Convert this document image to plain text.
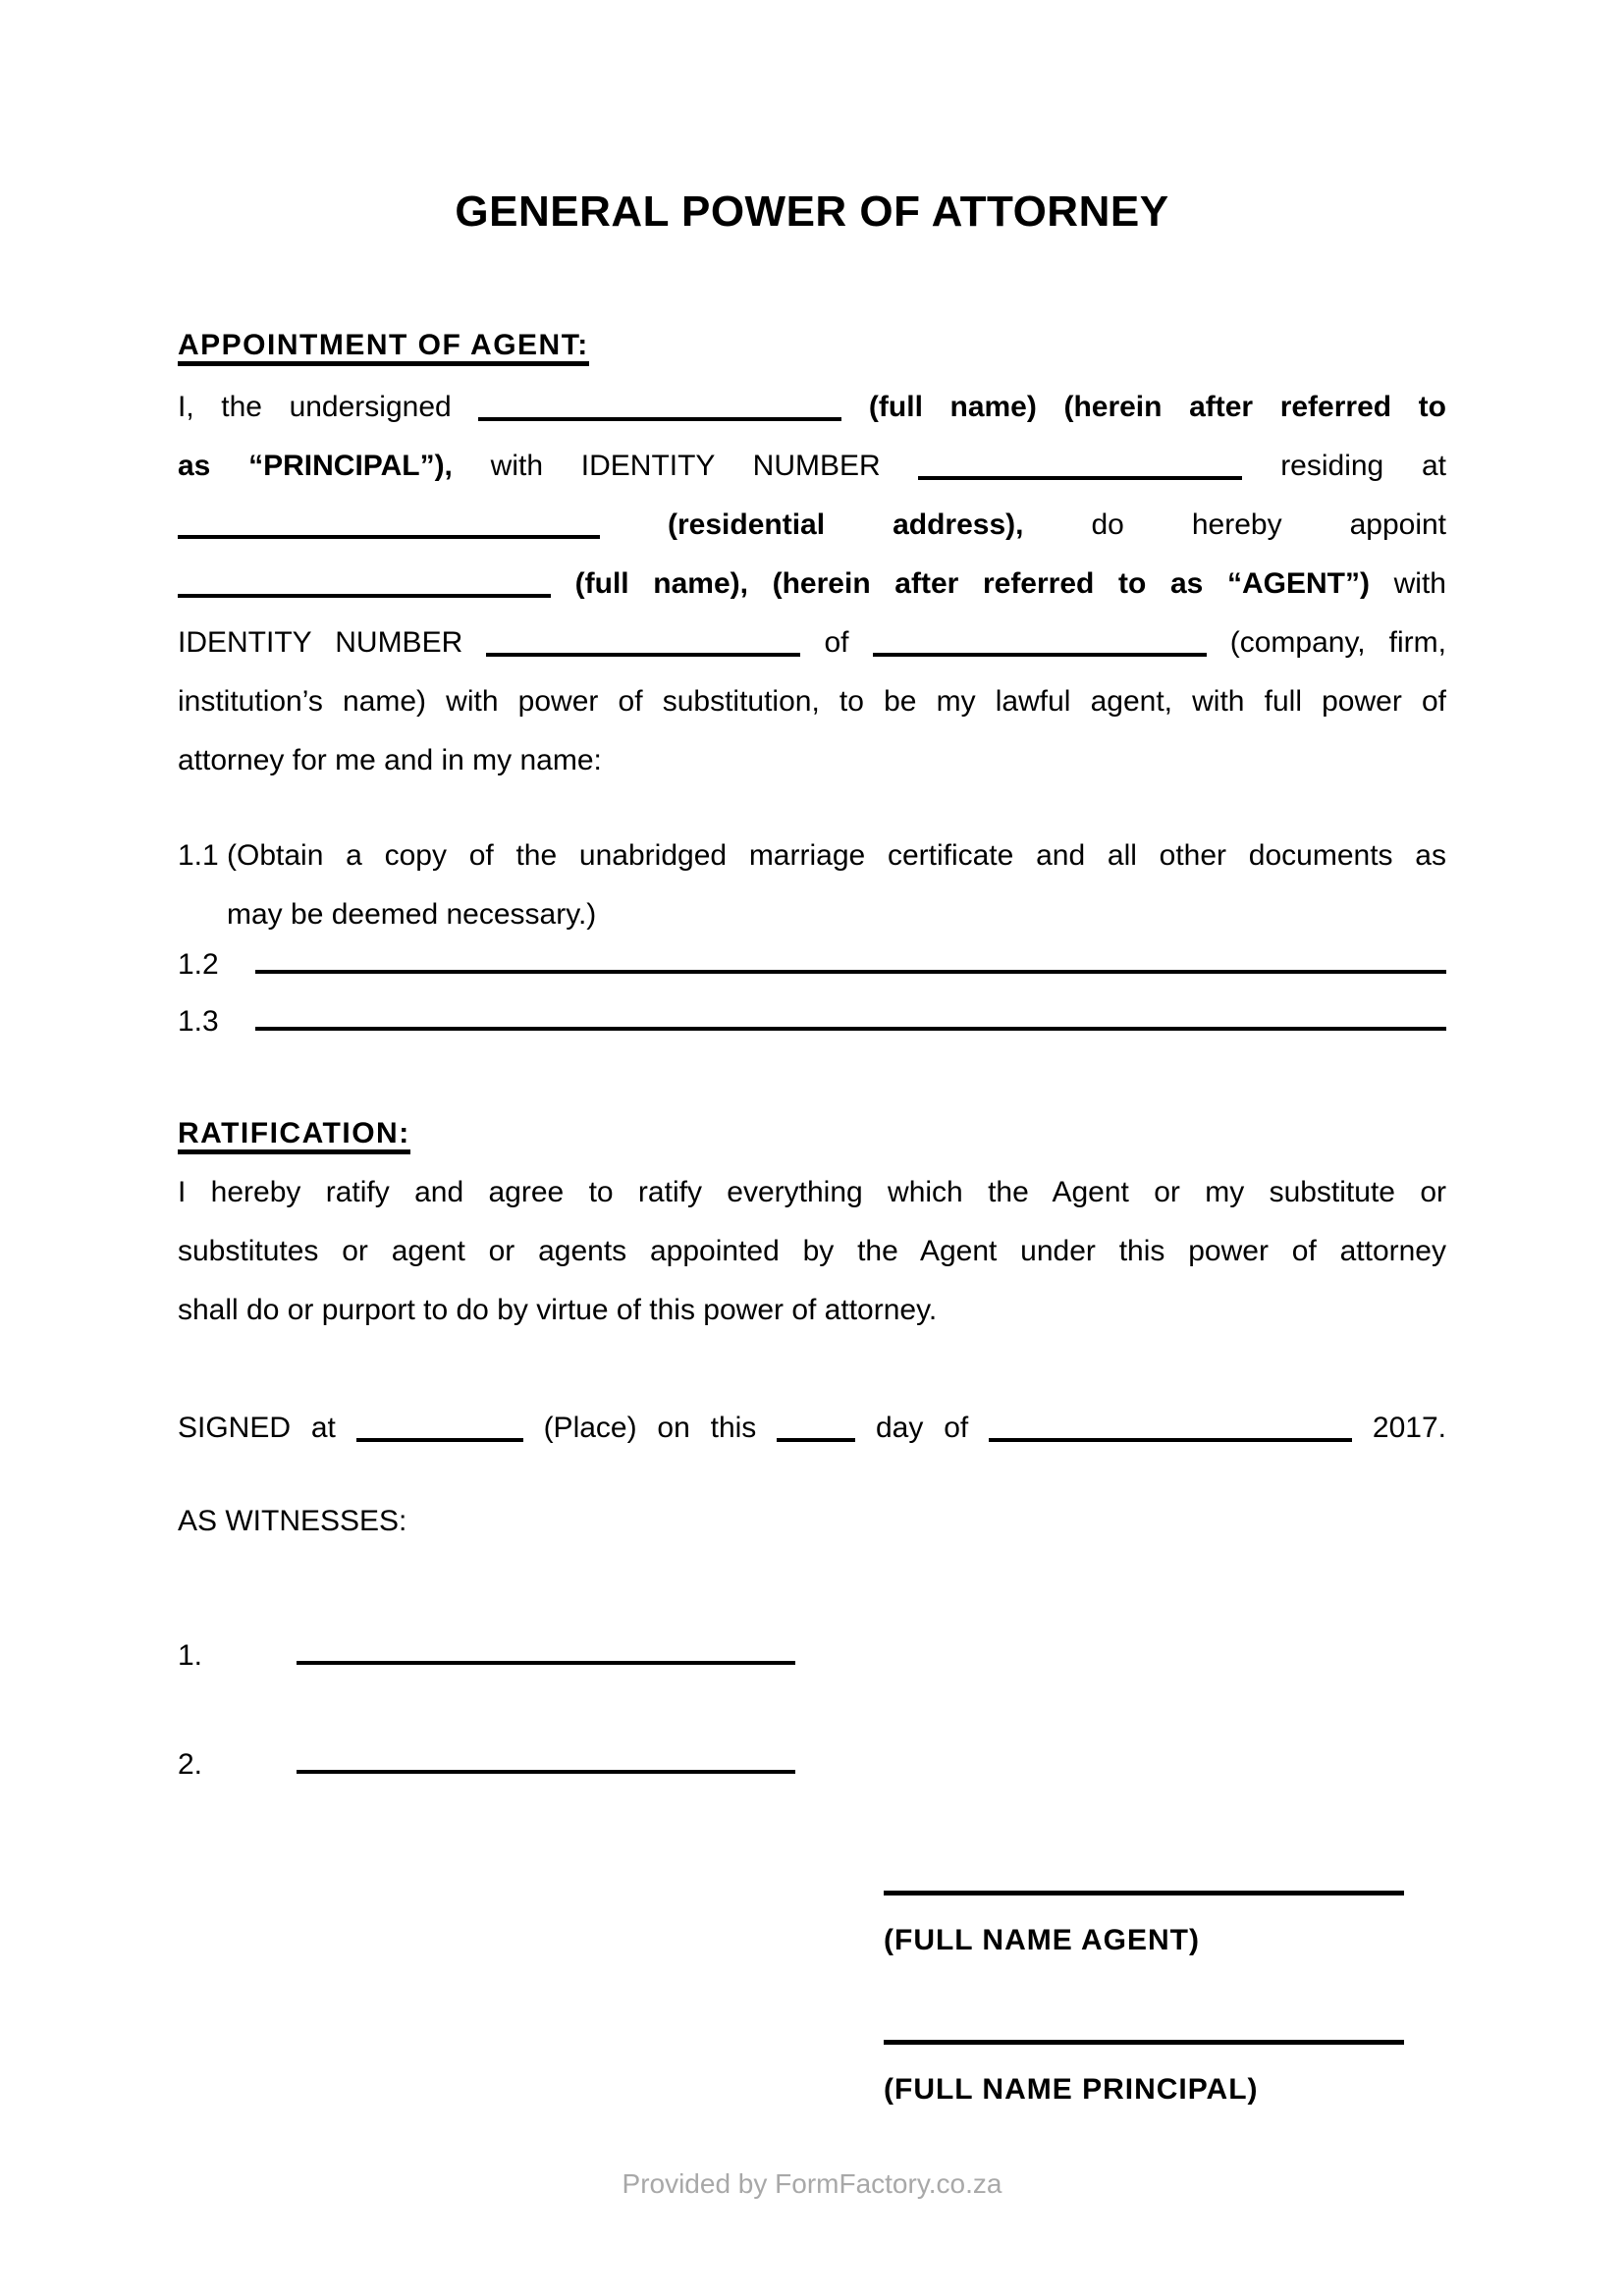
GENERAL POWER OF ATTORNEY
APPOINTMENT OF AGENT:
I, the undersigned	(full name) (herein after referred to
as “PRINCIPAL”), with IDENTITY NUMBER	residing at
(residential address), do hereby appoint
(full name), (herein after referred to as “AGENT”) with
IDENTITY NUMBER	of	(company, firm,
institution’s name) with power of substitution, to be my lawful agent, with full power of
attorney for me and in my name:
1.1 (Obtain a copy of the unabridged marriage certificate and all other documents as
may be deemed necessary.)
1.2
1.3
RATIFICATION:
I hereby ratify and agree to ratify everything which the Agent or my substitute or
substitutes or agent or agents appointed by the Agent under this power of attorney
shall do or purport to do by virtue of this power of attorney.
SIGNED at	(Place) on this	day of	2017.
AS WITNESSES:
1.
2.
(FULL NAME AGENT)
(FULL NAME PRINCIPAL)
Provided by FormFactory.co.za
